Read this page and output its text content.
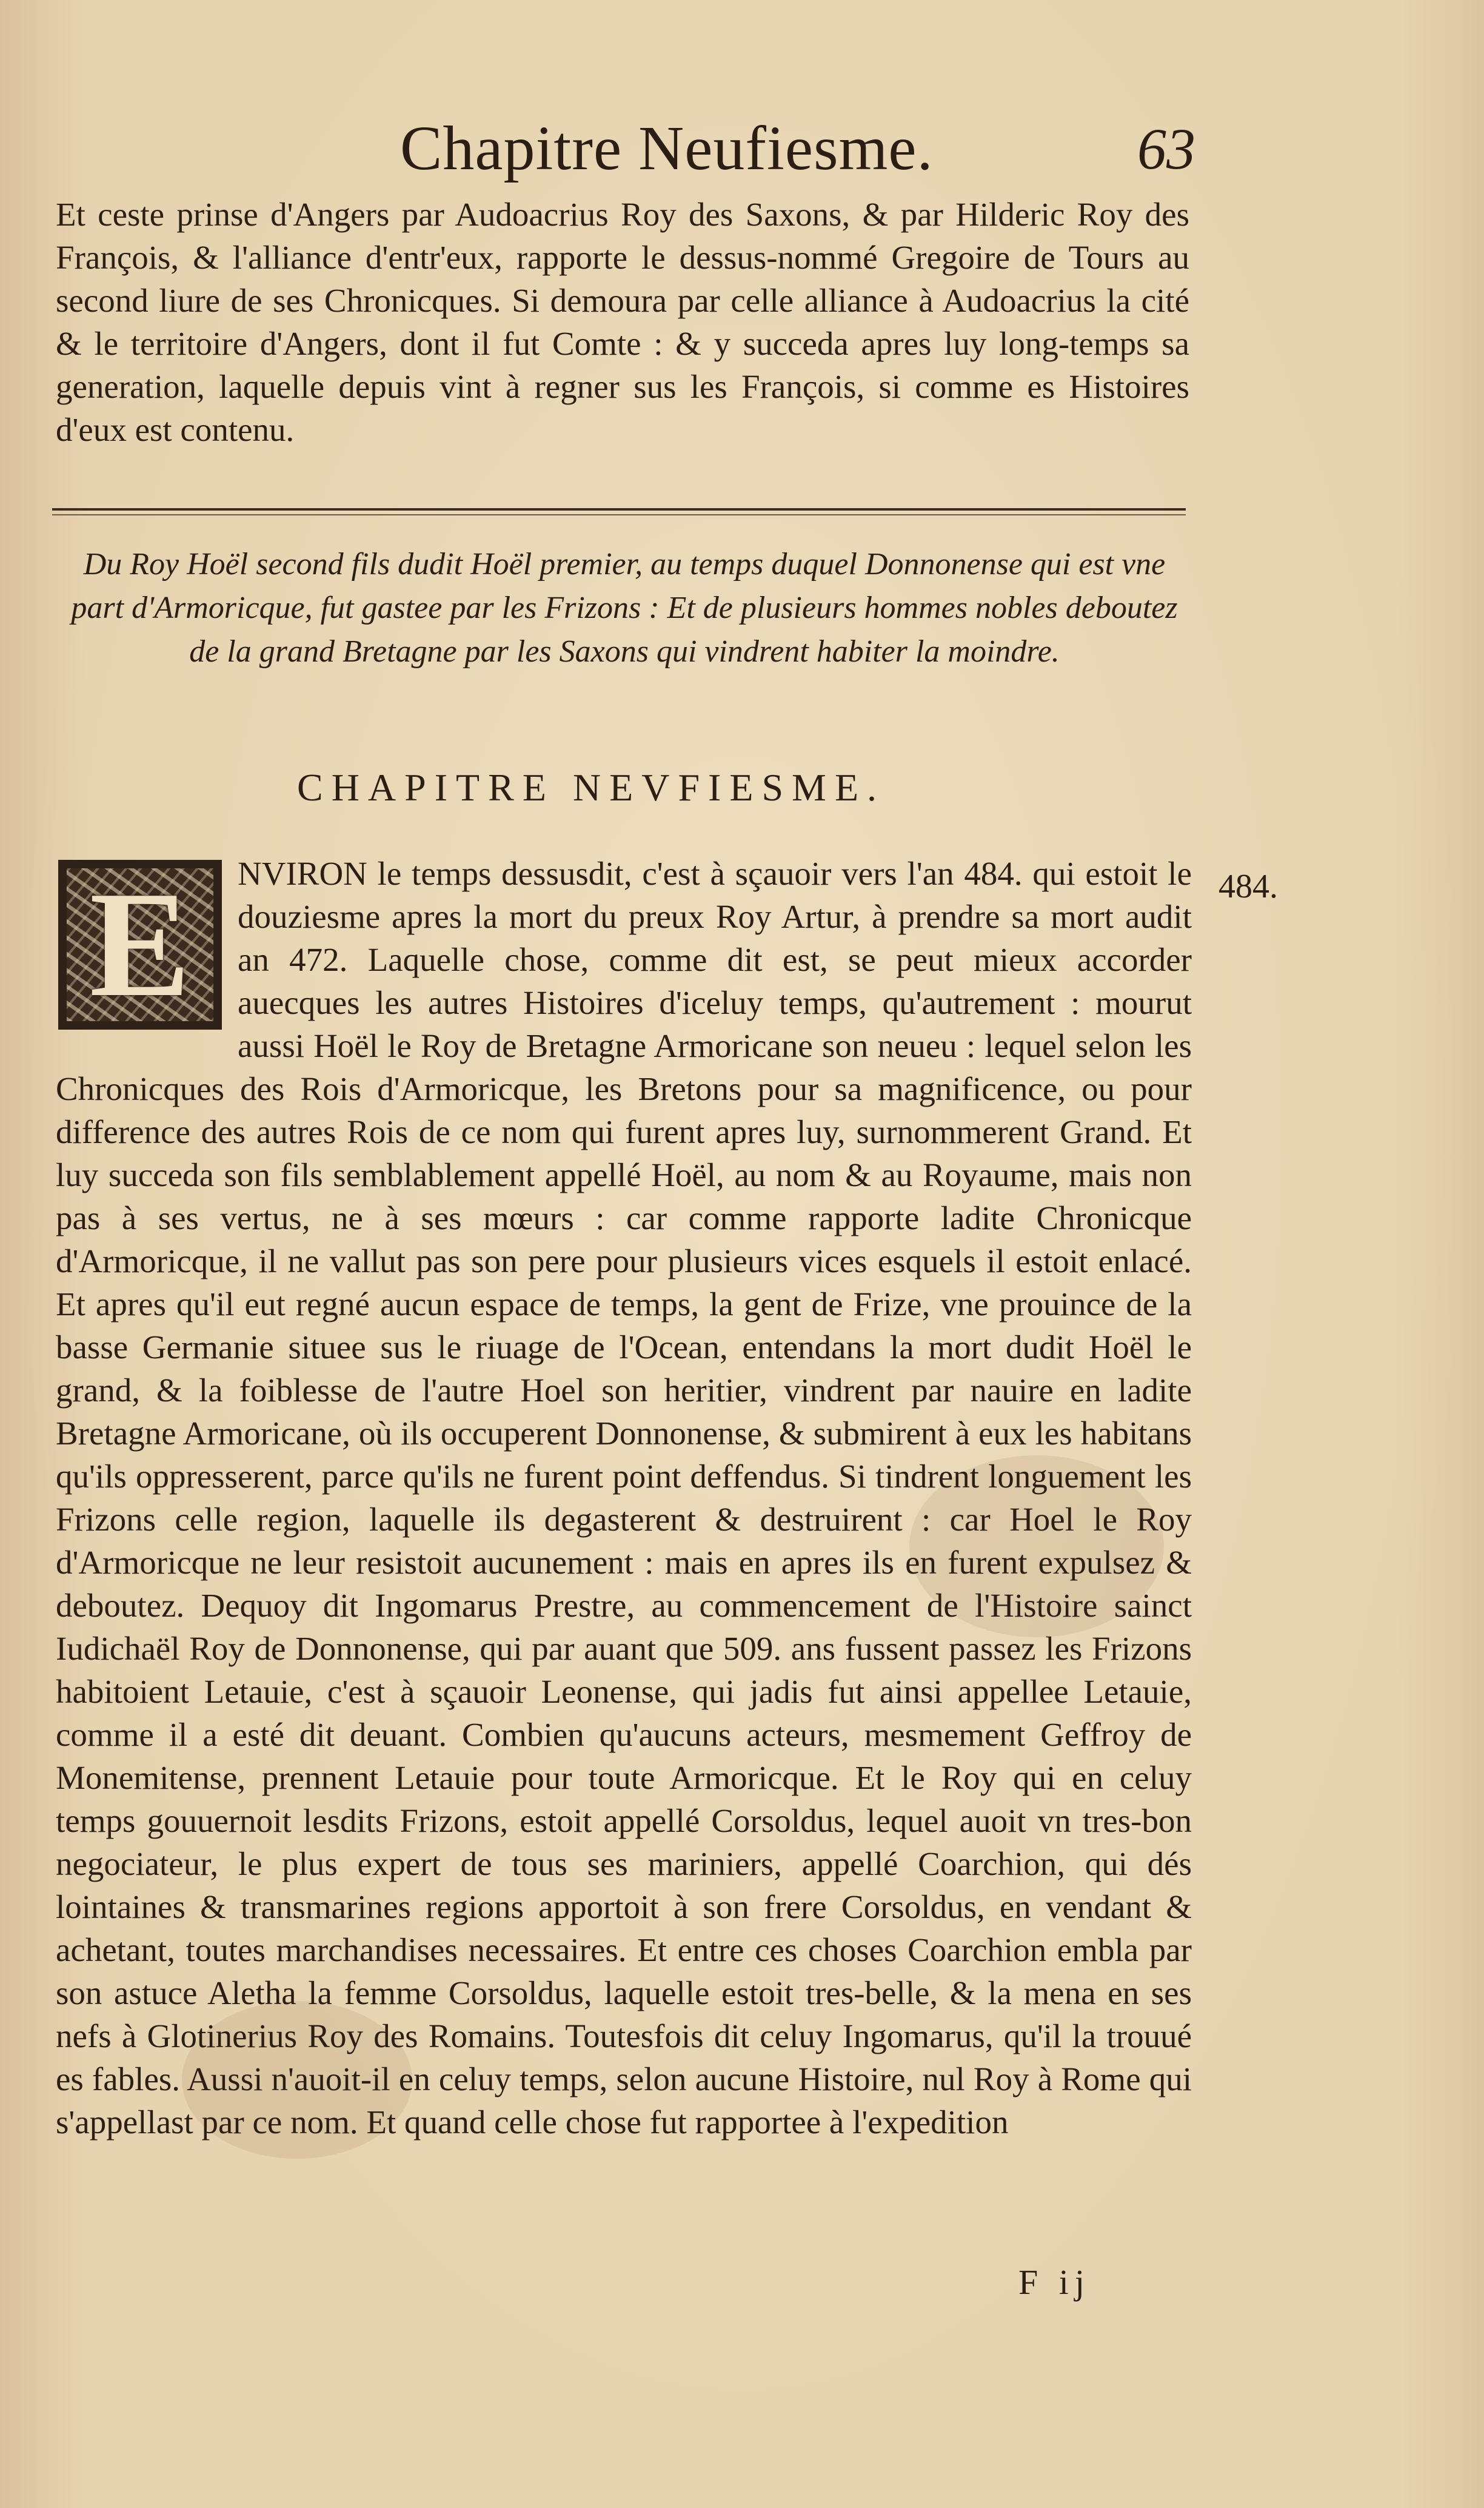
Chapitre Neufiesme.	63

Et ceste prinse d'Angers par Audoacrius Roy des Saxons, & par Hilderic Roy des François, & l'alliance d'entr'eux, rapporte le dessus-nommé Gregoire de Tours au second liure de ses Chronicques. Si demoura par celle alliance à Audoacrius la cité & le territoire d'Angers, dont il fut Comte : & y succeda apres luy long-temps sa generation, laquelle depuis vint à regner sus les François, si comme es Histoires d'eux est contenu.

Du Roy Hoël second fils dudit Hoël premier, au temps duquel Donnonense qui est vne part d'Armoricque, fut gastee par les Frizons : Et de plusieurs hommes nobles deboutez de la grand Bretagne par les Saxons qui vindrent habiter la moindre.

CHAPITRE NEVFIESME.
E	NVIRON le temps dessusdit, c'est à sçauoir vers l'an 484. qui estoit le douziesme apres la mort du preux Roy Artur, à prendre sa mort audit an 472. Laquelle chose, comme dit est, se peut mieux accorder auecques les autres Histoires d'iceluy temps, qu'autrement : mourut aussi Hoël le Roy de Bretagne Armoricane son neueu : lequel selon les Chronicques des Rois d'Armoricque, les Bretons pour sa magnificence, ou pour difference des autres Rois de ce nom qui furent apres luy, surnommerent Grand. Et luy succeda son fils semblablement appellé Hoël, au nom & au Royaume, mais non pas à ses vertus, ne à ses mœurs : car comme rapporte ladite Chronicque d'Armoricque, il ne vallut pas son pere pour plusieurs vices esquels il estoit enlacé. Et apres qu'il eut regné aucun espace de temps, la gent de Frize, vne prouince de la basse Germanie situee sus le riuage de l'Ocean, entendans la mort dudit Hoël le grand, & la foiblesse de l'autre Hoel son heritier, vindrent par nauire en ladite Bretagne Armoricane, où ils occuperent Donnonense, & submirent à eux les habitans qu'ils oppresserent, parce qu'ils ne furent point deffendus. Si tindrent longuement les Frizons celle region, laquelle ils degasterent & destruirent : car Hoel le Roy d'Armoricque ne leur resistoit aucunement : mais en apres ils en furent expulsez & deboutez. Dequoy dit Ingomarus Prestre, au commencement de l'Histoire sainct Iudichaël Roy de Donnonense, qui par auant que 509. ans fussent passez les Frizons habitoient Letauie, c'est à sçauoir Leonense, qui jadis fut ainsi appellee Letauie, comme il a esté dit deuant. Combien qu'aucuns acteurs, mesmement Geffroy de Monemitense, prennent Letauie pour toute Armoricque. Et le Roy qui en celuy temps gouuernoit lesdits Frizons, estoit appellé Corsoldus, lequel auoit vn tres-bon negociateur, le plus expert de tous ses mariniers, appellé Coarchion, qui dés lointaines & transmarines regions apportoit à son frere Corsoldus, en vendant & achetant, toutes marchandises necessaires. Et entre ces choses Coarchion embla par son astuce Aletha la femme Corsoldus, laquelle estoit tres-belle, & la mena en ses nefs à Glotinerius Roy des Romains. Toutesfois dit celuy Ingomarus, qu'il la trouué es fables. Aussi n'auoit-il en celuy temps, selon aucune Histoire, nul Roy à Rome qui s'appellast par ce nom. Et quand celle chose fut rapportee à l'expedition

484.
F ij
